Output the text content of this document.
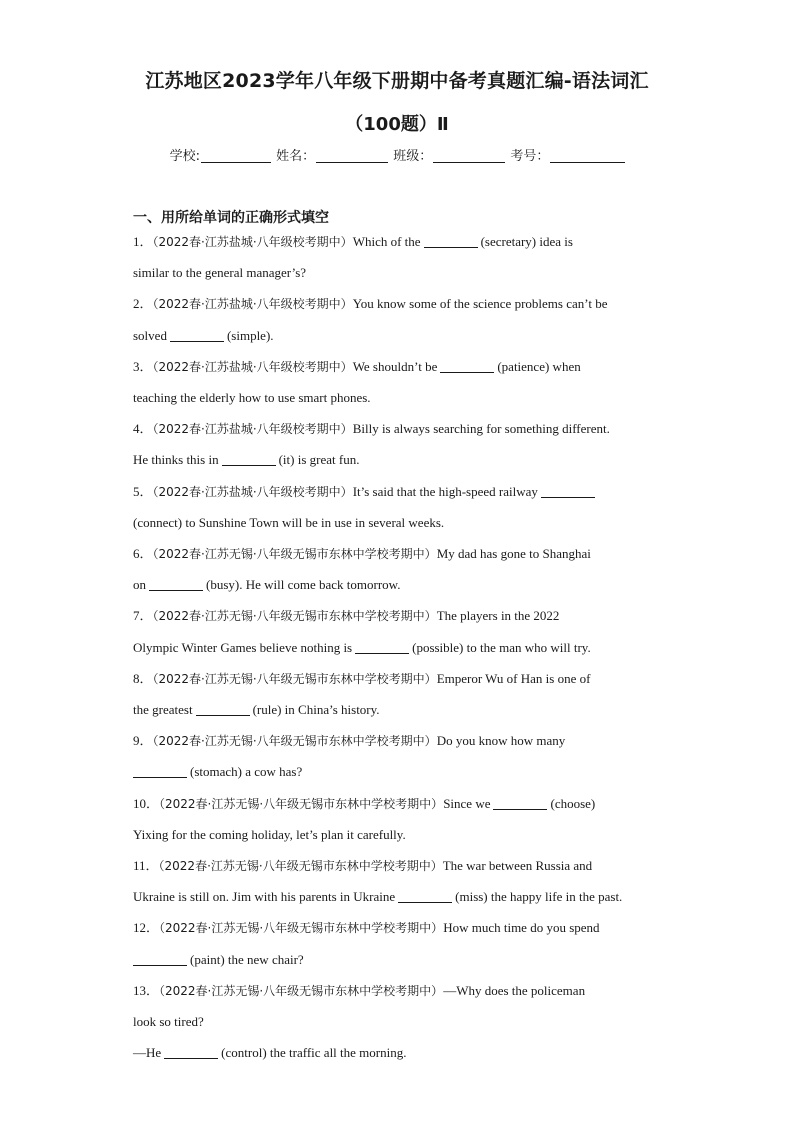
江苏地区2023学年八年级下册期中备考真题汇编-语法词汇
（100题）Ⅱ
学校:	姓名：	班级：	考号：
一、用所给单词的正确形式填空
1．（2022春·江苏盐城·八年级校考期中）Which of the	(secretary) idea is
similar to the general manager’s?
2．（2022春·江苏盐城·八年级校考期中）You know some of the science problems can’t be
solved	(simple).
3．（2022春·江苏盐城·八年级校考期中）We shouldn’t be	(patience) when
teaching the elderly how to use smart phones.
4．（2022春·江苏盐城·八年级校考期中）Billy is always searching for something different.
He thinks this in	(it) is great fun.
5．（2022春·江苏盐城·八年级校考期中）It’s said that the high-speed railway
(connect) to Sunshine Town will be in use in several weeks.
6．（2022春·江苏无锡·八年级无锡市东林中学校考期中）My dad has gone to Shanghai
on	(busy). He will come back tomorrow.
7．（2022春·江苏无锡·八年级无锡市东林中学校考期中）The players in the 2022
Olympic Winter Games believe nothing is	(possible) to the man who will try.
8．（2022春·江苏无锡·八年级无锡市东林中学校考期中）Emperor Wu of Han is one of
the greatest	(rule) in China’s history.
9．（2022春·江苏无锡·八年级无锡市东林中学校考期中）Do you know how many
(stomach) a cow has?
10．（2022春·江苏无锡·八年级无锡市东林中学校考期中）Since we	(choose)
Yixing for the coming holiday, let’s plan it carefully.
11．（2022春·江苏无锡·八年级无锡市东林中学校考期中）The war between Russia and
Ukraine is still on. Jim with his parents in Ukraine	(miss) the happy life in the past.
12．（2022春·江苏无锡·八年级无锡市东林中学校考期中）How much time do you spend
(paint) the new chair?
13．（2022春·江苏无锡·八年级无锡市东林中学校考期中）—Why does the policeman
look so tired?
—He	(control) the traffic all the morning.
